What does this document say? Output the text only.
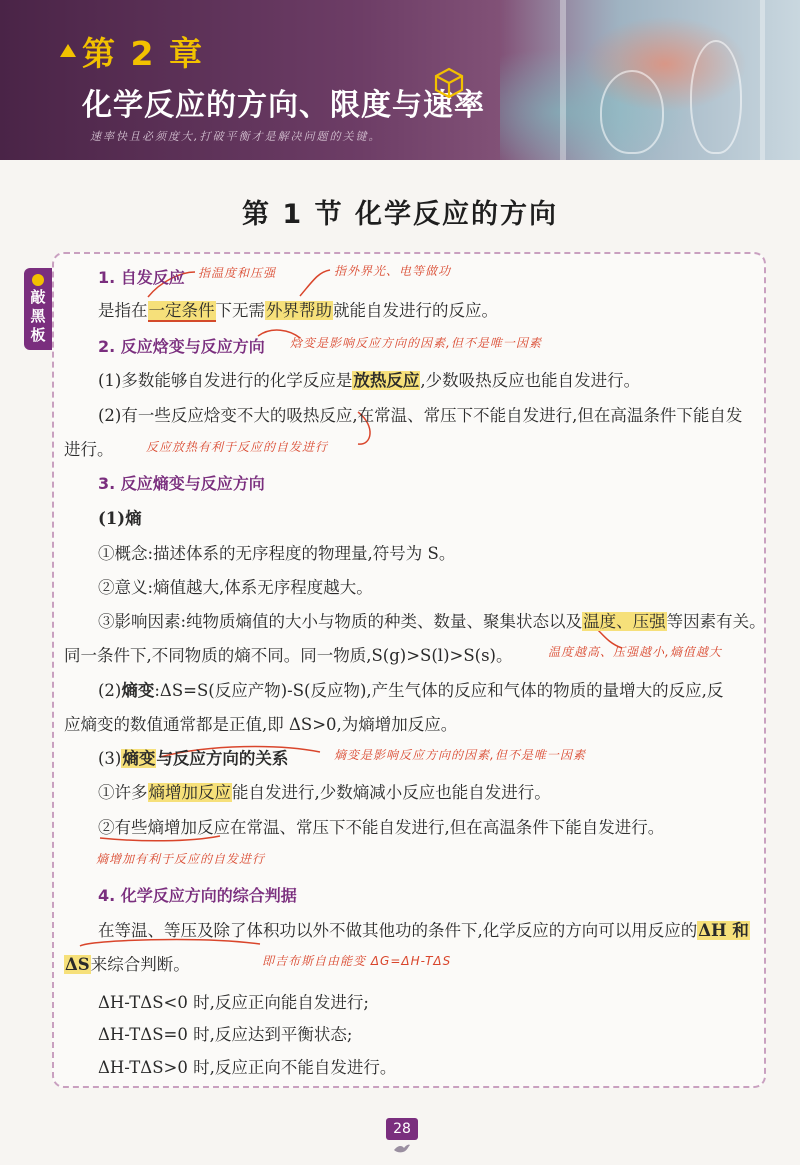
第 2 章
化学反应的方向、限度与速率
速率快且必须度大,打破平衡才是解决问题的关键。
第 1 节 化学反应的方向
敲
黑
板
1. 自发反应 指温度和压强	指外界光、电等做功
是指在一定条件下无需外界帮助就能自发进行的反应。
2. 反应焓变与反应方向 焓变是影响反应方向的因素,但不是唯一因素
(1)多数能够自发进行的化学反应是放热反应,少数吸热反应也能自发进行。
(2)有一些反应焓变不大的吸热反应,在常温、常压下不能自发进行,但在高温条件下能自发
进行。	反应放热有利于反应的自发进行
3. 反应熵变与反应方向
(1)熵
①概念:描述体系的无序程度的物理量,符号为 S。
②意义:熵值越大,体系无序程度越大。
③影响因素:纯物质熵值的大小与物质的种类、数量、聚集状态以及温度、压强等因素有关。
同一条件下,不同物质的熵不同。同一物质,S(g)>S(l)>S(s)。	温度越高、压强越小,熵值越大
(2)熵变:ΔS=S(反应产物)-S(反应物),产生气体的反应和气体的物质的量增大的反应,反
应熵变的数值通常都是正值,即 ΔS>0,为熵增加反应。
(3)熵变与反应方向的关系	熵变是影响反应方向的因素,但不是唯一因素
①许多熵增加反应能自发进行,少数熵减小反应也能自发进行。
②有些熵增加反应在常温、常压下不能自发进行,但在高温条件下能自发进行。
熵增加有利于反应的自发进行
4. 化学反应方向的综合判据
在等温、等压及除了体积功以外不做其他功的条件下,化学反应的方向可以用反应的ΔH 和
ΔS来综合判断。	即吉布斯自由能变 ΔG=ΔH-TΔS
ΔH-TΔS<0 时,反应正向能自发进行;
ΔH-TΔS=0 时,反应达到平衡状态;
ΔH-TΔS>0 时,反应正向不能自发进行。
28
